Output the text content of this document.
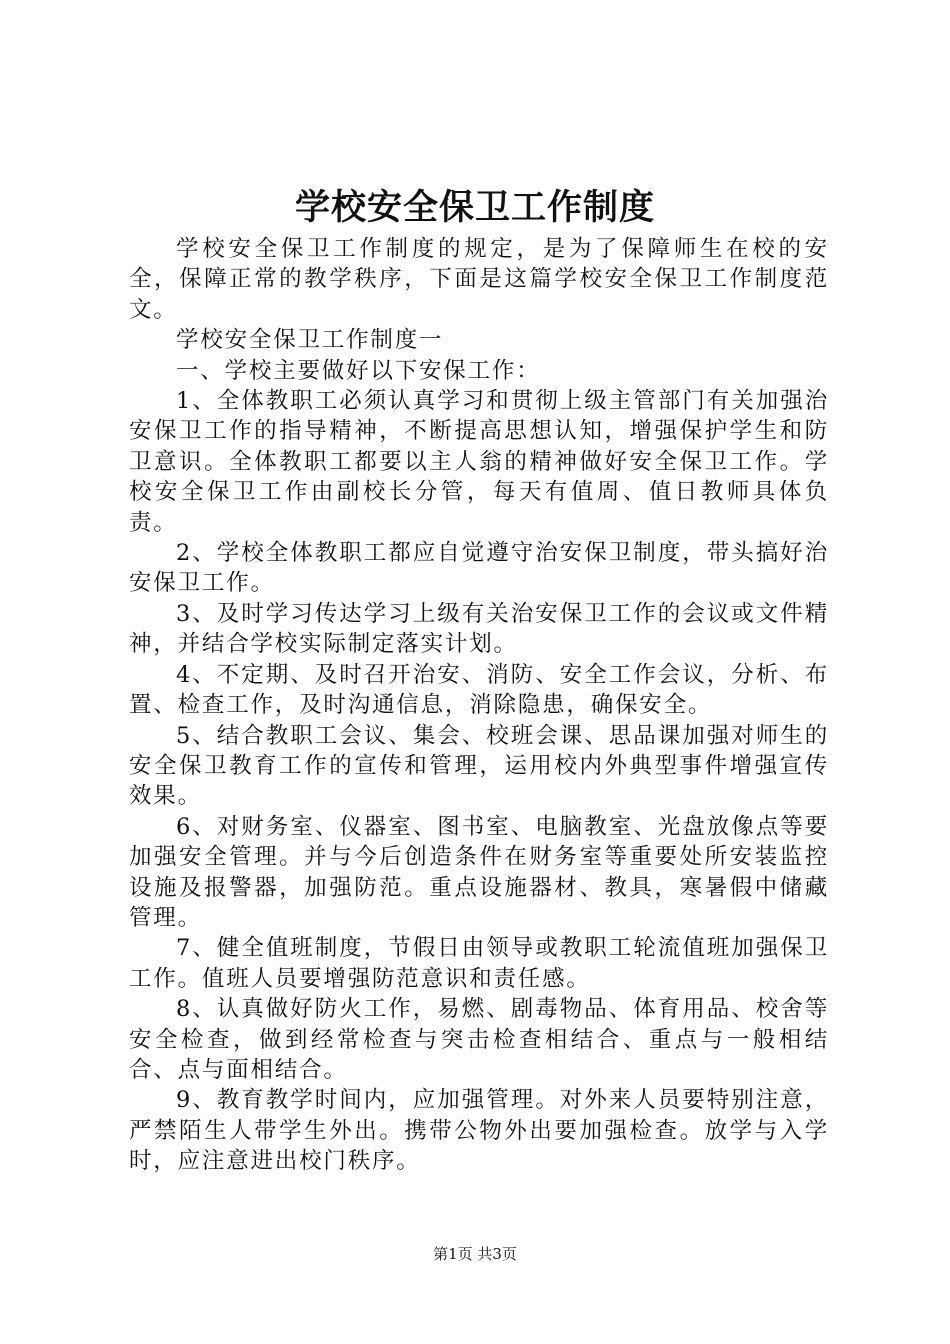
学校安全保卫工作制度

学校安全保卫工作制度的规定，是为了保障师生在校的安全，保障正常的教学秩序，下面是这篇学校安全保卫工作制度范文。

学校安全保卫工作制度一

一、学校主要做好以下安保工作：

1、全体教职工必须认真学习和贯彻上级主管部门有关加强治安保卫工作的指导精神，不断提高思想认知，增强保护学生和防卫意识。全体教职工都要以主人翁的精神做好安全保卫工作。学校安全保卫工作由副校长分管，每天有值周、值日教师具体负责。

2、学校全体教职工都应自觉遵守治安保卫制度，带头搞好治安保卫工作。

3、及时学习传达学习上级有关治安保卫工作的会议或文件精神，并结合学校实际制定落实计划。

4、不定期、及时召开治安、消防、安全工作会议，分析、布置、检查工作，及时沟通信息，消除隐患，确保安全。

5、结合教职工会议、集会、校班会课、思品课加强对师生的安全保卫教育工作的宣传和管理，运用校内外典型事件增强宣传效果。

6、对财务室、仪器室、图书室、电脑教室、光盘放像点等要加强安全管理。并与今后创造条件在财务室等重要处所安装监控设施及报警器，加强防范。重点设施器材、教具，寒暑假中储藏管理。

7、健全值班制度，节假日由领导或教职工轮流值班加强保卫工作。值班人员要增强防范意识和责任感。

8、认真做好防火工作，易燃、剧毒物品、体育用品、校舍等安全检查，做到经常检查与突击检查相结合、重点与一般相结合、点与面相结合。

9、教育教学时间内，应加强管理。对外来人员要特别注意，严禁陌生人带学生外出。携带公物外出要加强检查。放学与入学时，应注意进出校门秩序。

第1页 共3页
